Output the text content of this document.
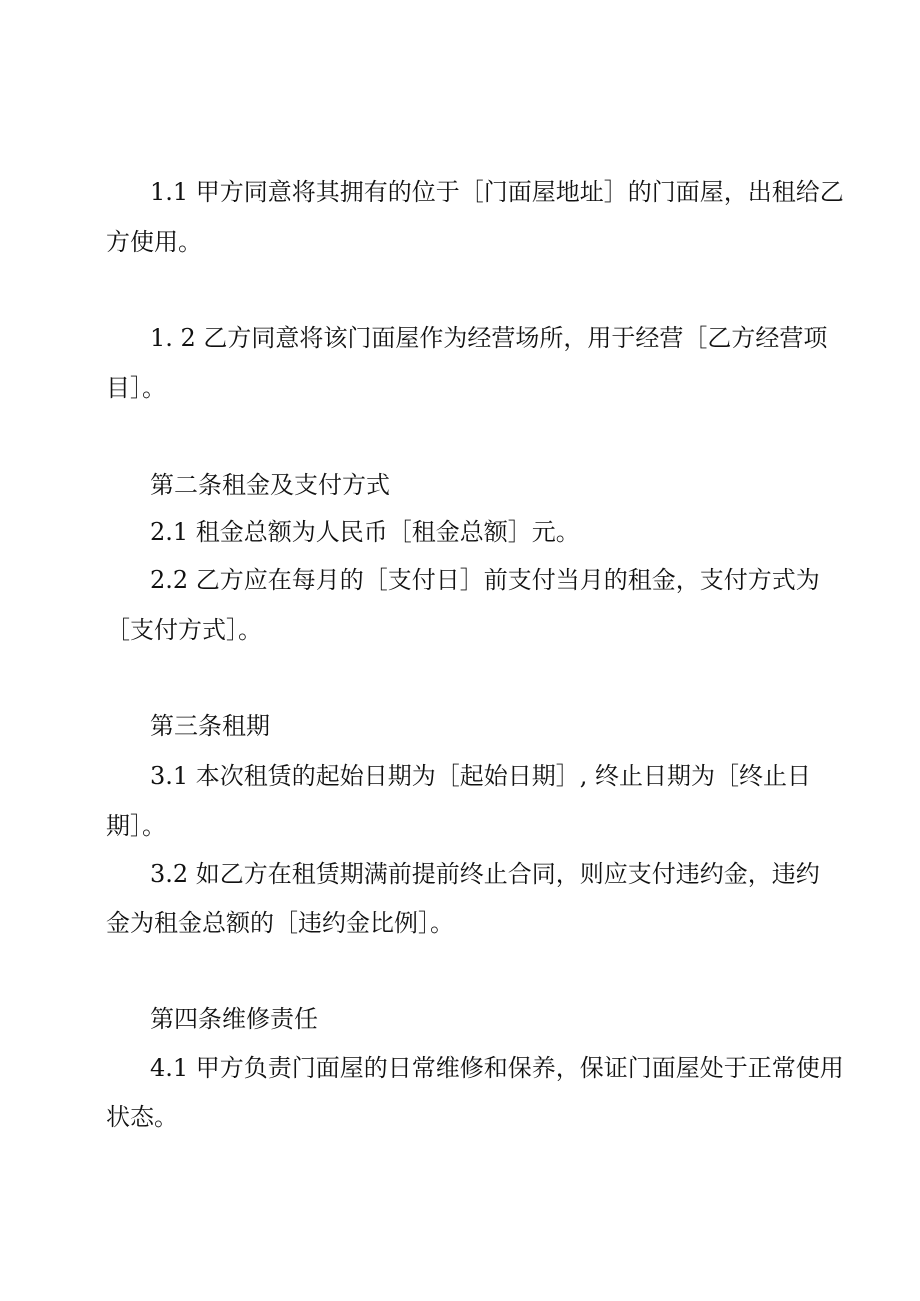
1.1 甲方同意将其拥有的位于［门面屋地址］的门面屋，出租给乙
方使用。
1. 2 乙方同意将该门面屋作为经营场所，用于经营［乙方经营项
目］。
第二条租金及支付方式
2.1 租金总额为人民币［租金总额］元。
2.2 乙方应在每月的［支付日］前支付当月的租金，支付方式为
［支付方式］。
第三条租期
3.1 本次租赁的起始日期为［起始日期］, 终止日期为［终止日
期］。
3.2 如乙方在租赁期满前提前终止合同，则应支付违约金，违约
金为租金总额的［违约金比例］。
第四条维修责任
4.1 甲方负责门面屋的日常维修和保养，保证门面屋处于正常使用
状态。
